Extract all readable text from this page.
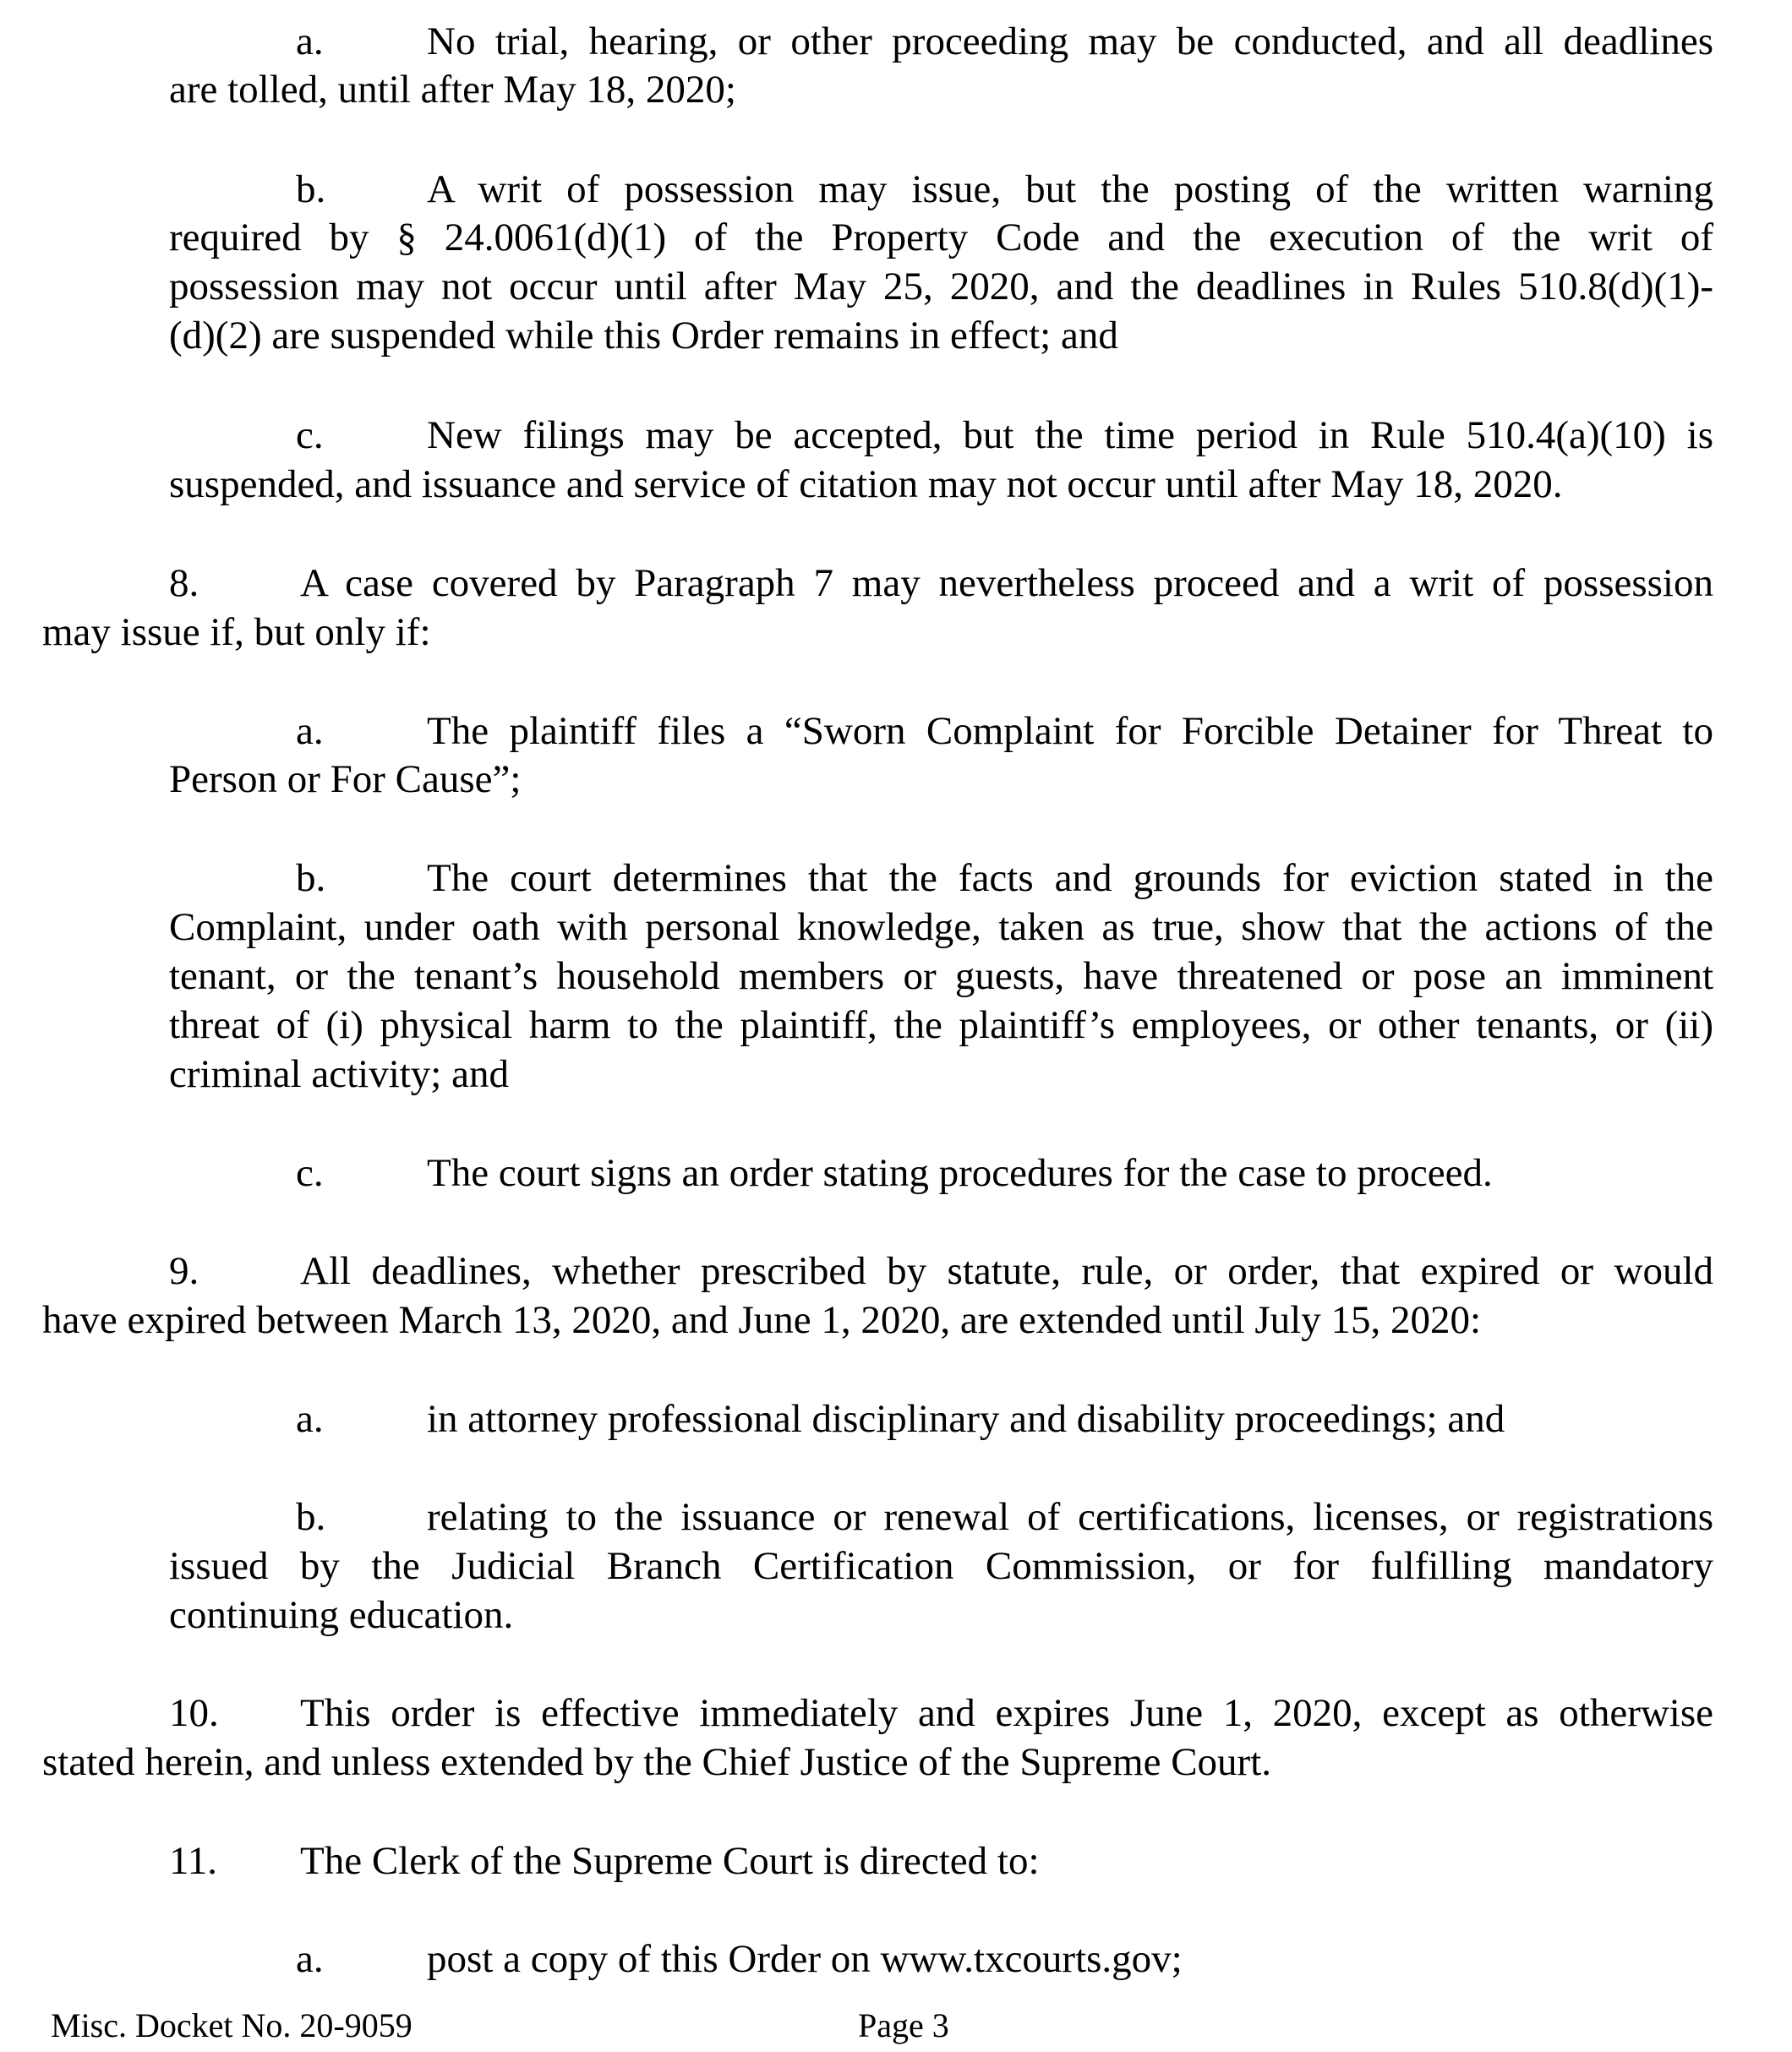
a.	No trial, hearing, or other proceeding may be conducted, and all deadlines
are tolled, until after May 18, 2020;
b.	A writ of possession may issue, but the posting of the written warning
required by § 24.0061(d)(1) of the Property Code and the execution of the writ of
possession may not occur until after May 25, 2020, and the deadlines in Rules 510.8(d)(1)-
(d)(2) are suspended while this Order remains in effect; and
c.	New filings may be accepted, but the time period in Rule 510.4(a)(10) is
suspended, and issuance and service of citation may not occur until after May 18, 2020.
8.	A case covered by Paragraph 7 may nevertheless proceed and a writ of possession
may issue if, but only if:
a.	The plaintiff files a “Sworn Complaint for Forcible Detainer for Threat to
Person or For Cause”;
b.	The court determines that the facts and grounds for eviction stated in the
Complaint, under oath with personal knowledge, taken as true, show that the actions of the
tenant, or the tenant’s household members or guests, have threatened or pose an imminent
threat of (i) physical harm to the plaintiff, the plaintiff’s employees, or other tenants, or (ii)
criminal activity; and
c.	The court signs an order stating procedures for the case to proceed.
9.	All deadlines, whether prescribed by statute, rule, or order, that expired or would
have expired between March 13, 2020, and June 1, 2020, are extended until July 15, 2020:
a.	in attorney professional disciplinary and disability proceedings; and
b.	relating to the issuance or renewal of certifications, licenses, or registrations
issued by the Judicial Branch Certification Commission, or for fulfilling mandatory
continuing education.
10. This order is effective immediately and expires June 1, 2020, except as otherwise
stated herein, and unless extended by the Chief Justice of the Supreme Court.
11. The Clerk of the Supreme Court is directed to:
a.	post a copy of this Order on www.txcourts.gov;
Misc. Docket No. 20-9059	Page 3
